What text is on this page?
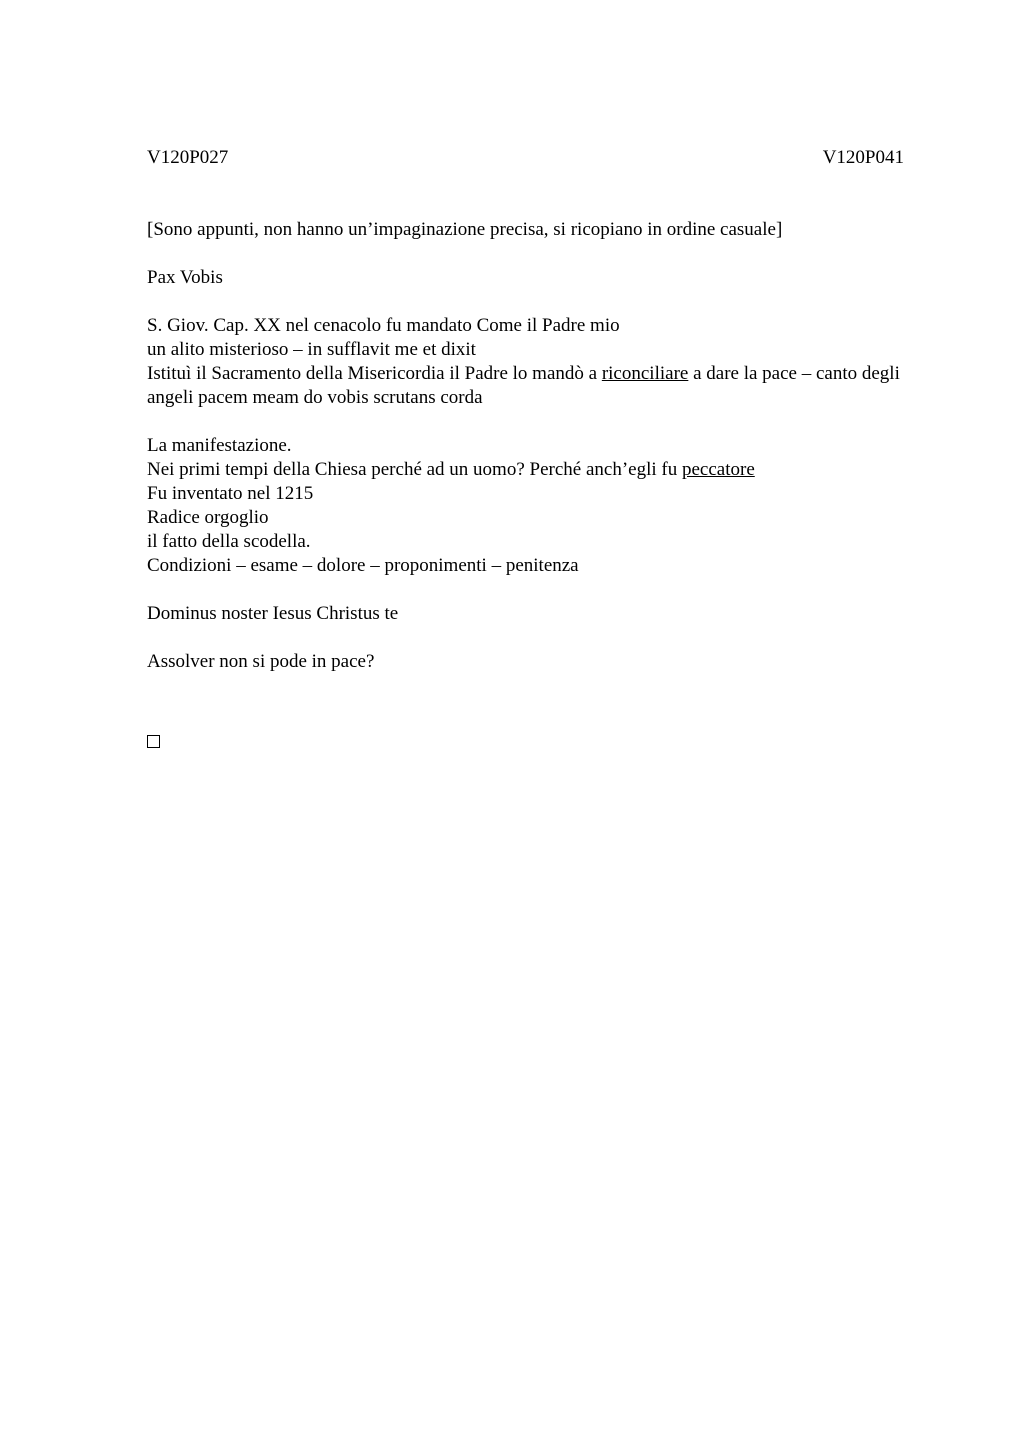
V120P027	V120P041

[Sono appunti, non hanno un’impaginazione precisa, si ricopiano in ordine casuale]

Pax Vobis

S. Giov. Cap. XX nel cenacolo fu mandato Come il Padre mio
un alito misterioso – in sufflavit me et dixit
Istituì il Sacramento della Misericordia il Padre lo mandò a riconciliare a dare la pace – canto degli angeli pacem meam do vobis scrutans corda

La manifestazione.
Nei primi tempi della Chiesa perché ad un uomo? Perché anch’egli fu peccatore
Fu inventato nel 1215
Radice orgoglio
il fatto della scodella.
Condizioni – esame – dolore – proponimenti – penitenza

Dominus noster Iesus Christus te

Assolver non si pode in pace?
